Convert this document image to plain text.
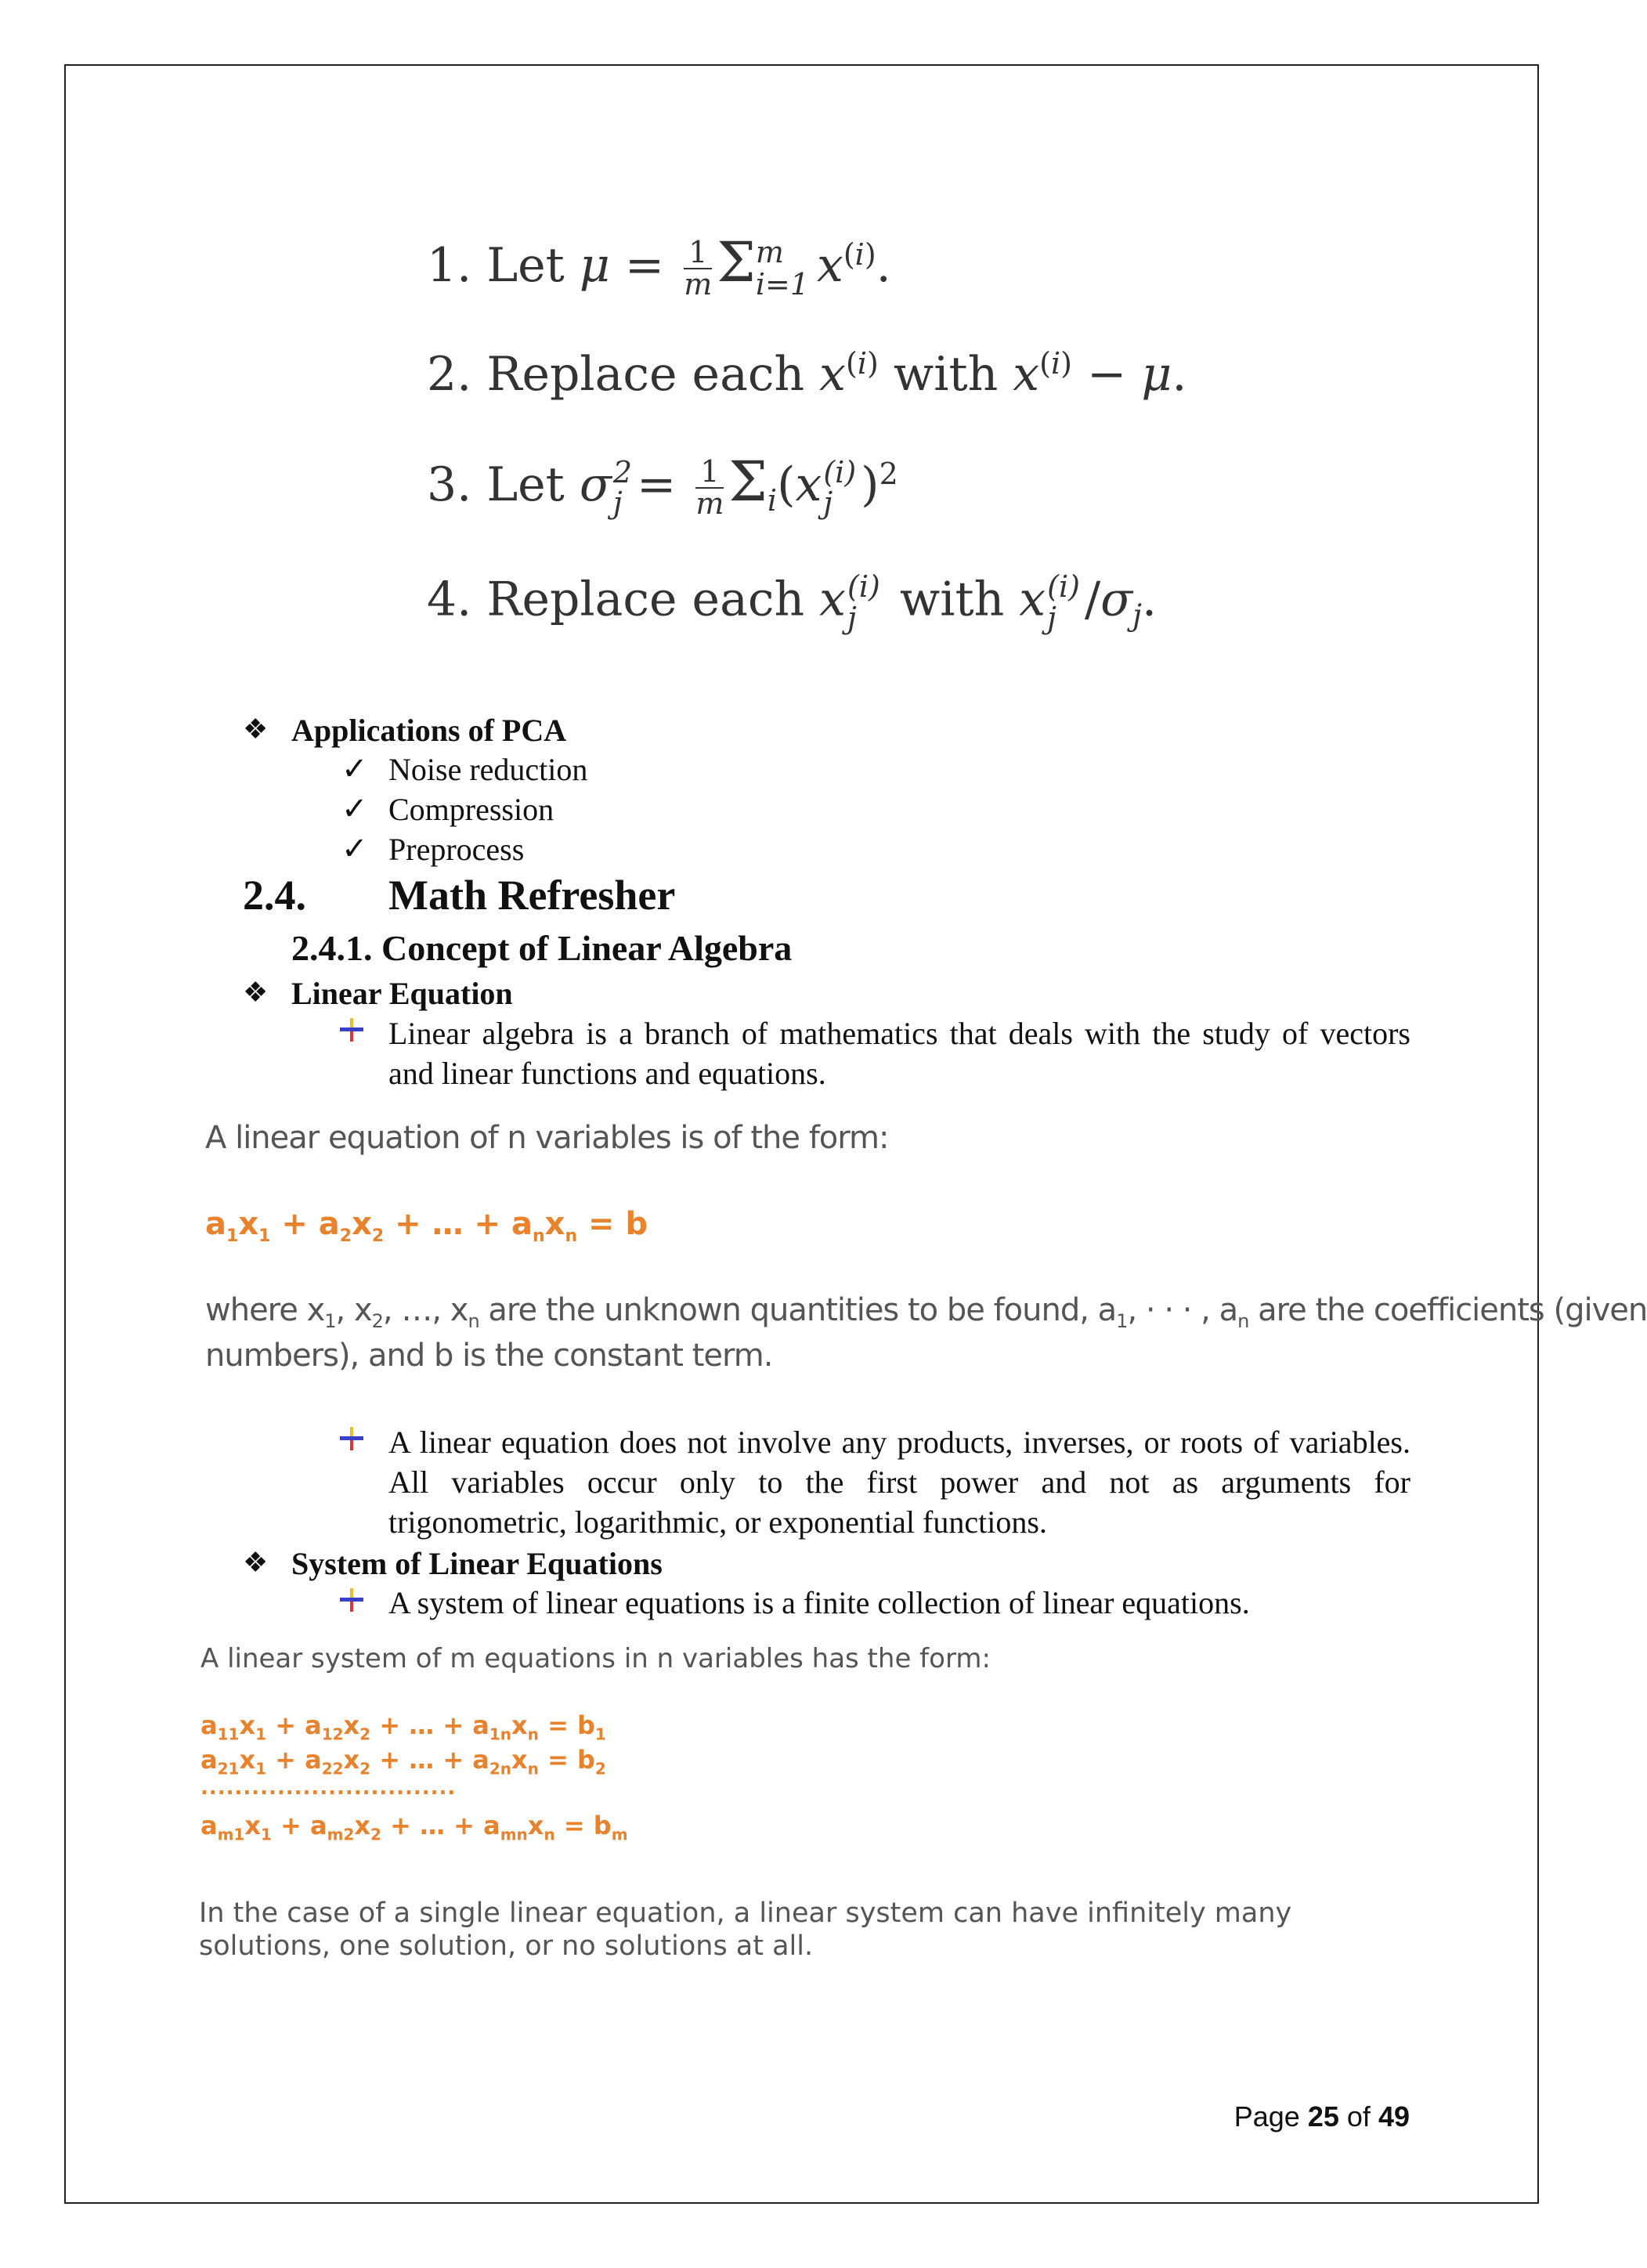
1. Let $\mu = \frac{1}{m}$ Σ m
i=1 $x^{(i)}$.
2. Replace each $x^{(i)}$ with $x^{(i)} - \mu$.
3. Let σ 2
$j = \frac{1}{m} \Sigma_i(x$ (i)
j )$^2$
4. Replace each x (i)
j with x (i)
j $/\sigma_j$.
❖ Applications of PCA
✓ Noise reduction
✓ Compression
✓ Preprocess
2.4. Math Refresher
2.4.1. Concept of Linear Algebra
❖ Linear Equation

Linear algebra is a branch of mathematics that deals with the study of vectors and linear functions and equations.

A linear equation of n variables is of the form:
$a_1x_1 + a_2x_2$ + … + $a_nx_n = b$
where $x_1$, $x_2$, …, $x_n$ are the unknown quantities to be found, $a_1$, · · · , $a_n$ are the coefficients (given
numbers), and b is the constant term.

A linear equation does not involve any products, inverses, or roots of variables. All variables occur only to the first power and not as arguments for trigonometric, logarithmic, or exponential functions.

❖ System of Linear Equations
A system of linear equations is a finite collection of linear equations.
A linear system of m equations in n variables has the form:
$a_{11}x_1 + a_{12}x_2$ + … + $a_{1n}x_n = b_1$
$a_{21}x_1 + a_{22}x_2$ + … + $a_{2n}x_n = b_2$
..............................
$a_{m1}x_1 + a_{m2}x_2$ + … + $a_{mn}x_n = b_m$
In the case of a single linear equation, a linear system can have infinitely many solutions, one solution, or no solutions at all.
Page 25 of 49
